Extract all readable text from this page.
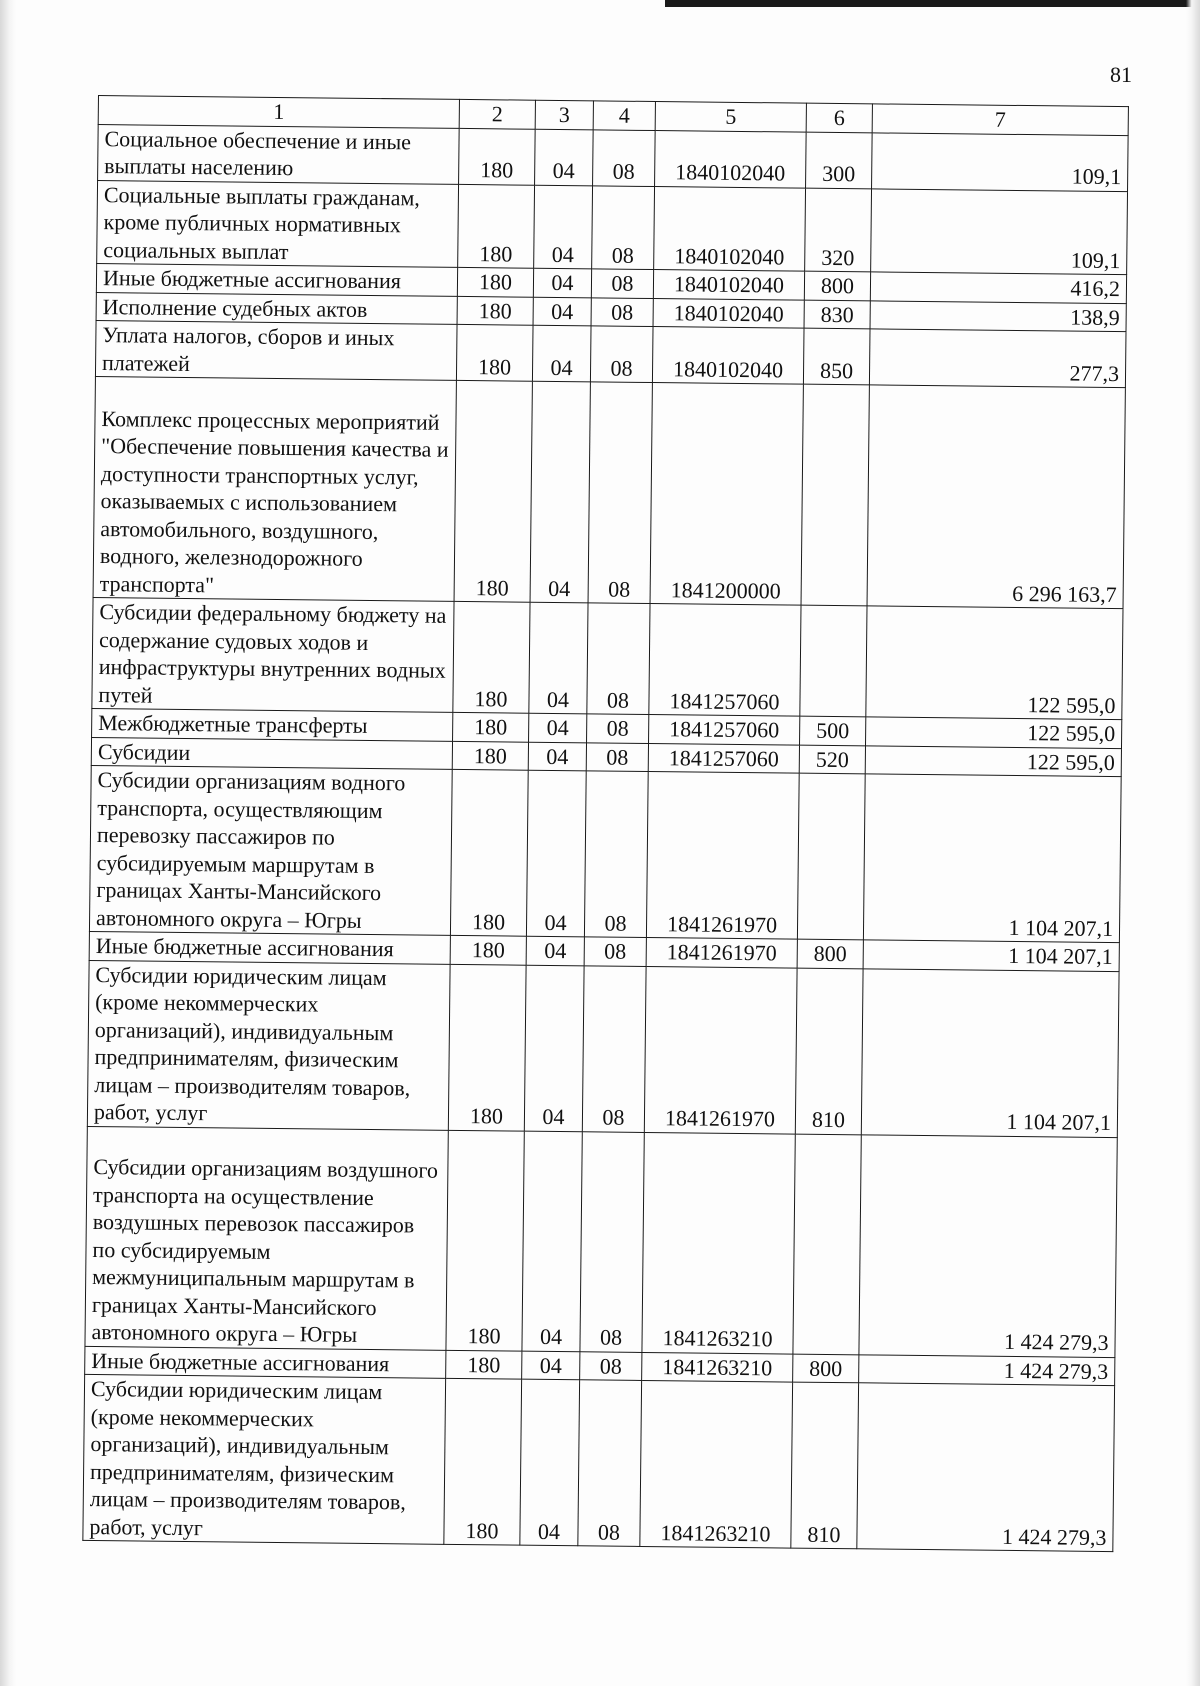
81
1	2	3	4	5	6	7
Социальное обеспечение и иные выплаты населению	180	04	08	1840102040	300	109,1
Социальные выплаты гражданам, кроме публичных нормативных социальных выплат	180	04	08	1840102040	320	109,1
Иные бюджетные ассигнования	180	04	08	1840102040	800	416,2
Исполнение судебных актов	180	04	08	1840102040	830	138,9
Уплата налогов, сборов и иных платежей	180	04	08	1840102040	850	277,3
Комплекс процессных мероприятий "Обеспечение повышения качества и доступности транспортных услуг, оказываемых с использованием автомобильного, воздушного, водного, железнодорожного транспорта"	180	04	08	1841200000		6 296 163,7
Субсидии федеральному бюджету на содержание судовых ходов и инфраструктуры внутренних водных путей	180	04	08	1841257060		122 595,0
Межбюджетные трансферты	180	04	08	1841257060	500	122 595,0
Субсидии	180	04	08	1841257060	520	122 595,0
Субсидии организациям водного транспорта, осуществляющим перевозку пассажиров по субсидируемым маршрутам в границах Ханты-Мансийского автономного округа – Югры	180	04	08	1841261970		1 104 207,1
Иные бюджетные ассигнования	180	04	08	1841261970	800	1 104 207,1
Субсидии юридическим лицам (кроме некоммерческих организаций), индивидуальным предпринимателям, физическим лицам – производителям товаров, работ, услуг	180	04	08	1841261970	810	1 104 207,1
Субсидии организациям воздушного транспорта на осуществление воздушных перевозок пассажиров по субсидируемым межмуниципальным маршрутам в границах Ханты-Мансийского автономного округа – Югры	180	04	08	1841263210		1 424 279,3
Иные бюджетные ассигнования	180	04	08	1841263210	800	1 424 279,3
Субсидии юридическим лицам (кроме некоммерческих организаций), индивидуальным предпринимателям, физическим лицам – производителям товаров, работ, услуг	180	04	08	1841263210	810	1 424 279,3
